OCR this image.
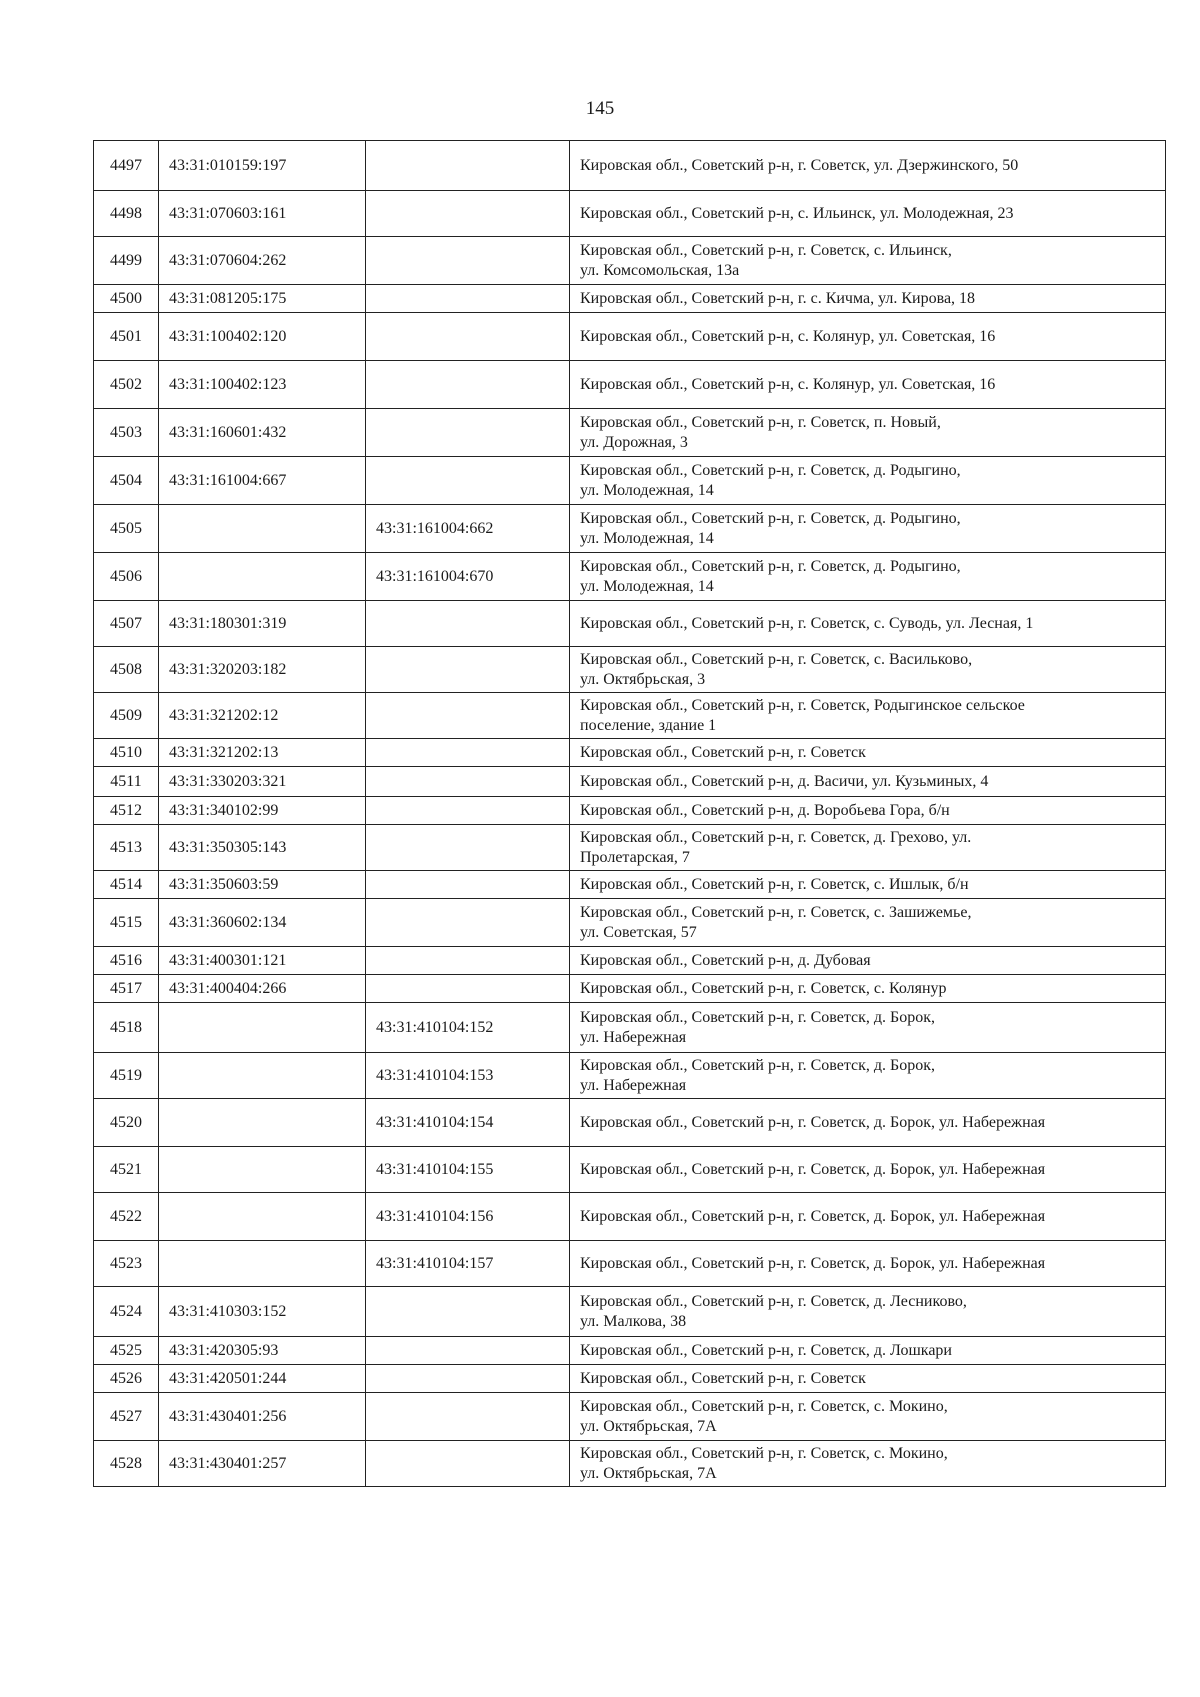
145
4497	43:31:010159:197		Кировская обл., Советский р-н, г. Советск, ул. Дзержинского, 50

4498	43:31:070603:161		Кировская обл., Советский р-н, с. Ильинск, ул. Молодежная, 23

4499	43:31:070604:262		Кировская обл., Советский р-н, г. Советск, с. Ильинск,
ул. Комсомольская, 13а

4500	43:31:081205:175		Кировская обл., Советский р-н, г. с. Кичма, ул. Кирова, 18

4501	43:31:100402:120		Кировская обл., Советский р-н, с. Колянур, ул. Советская, 16

4502	43:31:100402:123		Кировская обл., Советский р-н, с. Колянур, ул. Советская, 16

4503	43:31:160601:432		Кировская обл., Советский р-н, г. Советск, п. Новый,
ул. Дорожная, 3

4504	43:31:161004:667		Кировская обл., Советский р-н, г. Советск, д. Родыгино,
ул. Молодежная, 14

4505		43:31:161004:662	Кировская обл., Советский р-н, г. Советск, д. Родыгино,
ул. Молодежная, 14

4506		43:31:161004:670	Кировская обл., Советский р-н, г. Советск, д. Родыгино,
ул. Молодежная, 14

4507	43:31:180301:319		Кировская обл., Советский р-н, г. Советск, с. Суводь, ул. Лесная, 1

4508	43:31:320203:182		Кировская обл., Советский р-н, г. Советск, с. Васильково,
ул. Октябрьская, 3

4509	43:31:321202:12		Кировская обл., Советский р-н, г. Советск, Родыгинское сельское
поселение, здание 1

4510	43:31:321202:13		Кировская обл., Советский р-н, г. Советск

4511	43:31:330203:321		Кировская обл., Советский р-н, д. Васичи, ул. Кузьминых, 4

4512	43:31:340102:99		Кировская обл., Советский р-н, д. Воробьева Гора, б/н

4513	43:31:350305:143		Кировская обл., Советский р-н, г. Советск, д. Грехово, ул.
Пролетарская, 7

4514	43:31:350603:59		Кировская обл., Советский р-н, г. Советск, с. Ишлык, б/н

4515	43:31:360602:134		Кировская обл., Советский р-н, г. Советск, с. Зашижемье,
ул. Советская, 57

4516	43:31:400301:121		Кировская обл., Советский р-н, д. Дубовая

4517	43:31:400404:266		Кировская обл., Советский р-н, г. Советск, с. Колянур

4518		43:31:410104:152	Кировская обл., Советский р-н, г. Советск, д. Борок,
ул. Набережная

4519		43:31:410104:153	Кировская обл., Советский р-н, г. Советск, д. Борок,
ул. Набережная

4520		43:31:410104:154	Кировская обл., Советский р-н, г. Советск, д. Борок, ул. Набережная

4521		43:31:410104:155	Кировская обл., Советский р-н, г. Советск, д. Борок, ул. Набережная

4522		43:31:410104:156	Кировская обл., Советский р-н, г. Советск, д. Борок, ул. Набережная

4523		43:31:410104:157	Кировская обл., Советский р-н, г. Советск, д. Борок, ул. Набережная

4524	43:31:410303:152		Кировская обл., Советский р-н, г. Советск, д. Лесниково,
ул. Малкова, 38

4525	43:31:420305:93		Кировская обл., Советский р-н, г. Советск, д. Лошкари

4526	43:31:420501:244		Кировская обл., Советский р-н, г. Советск

4527	43:31:430401:256		Кировская обл., Советский р-н, г. Советск, с. Мокино,
ул. Октябрьская, 7А

4528	43:31:430401:257		Кировская обл., Советский р-н, г. Советск, с. Мокино,
ул. Октябрьская, 7А
